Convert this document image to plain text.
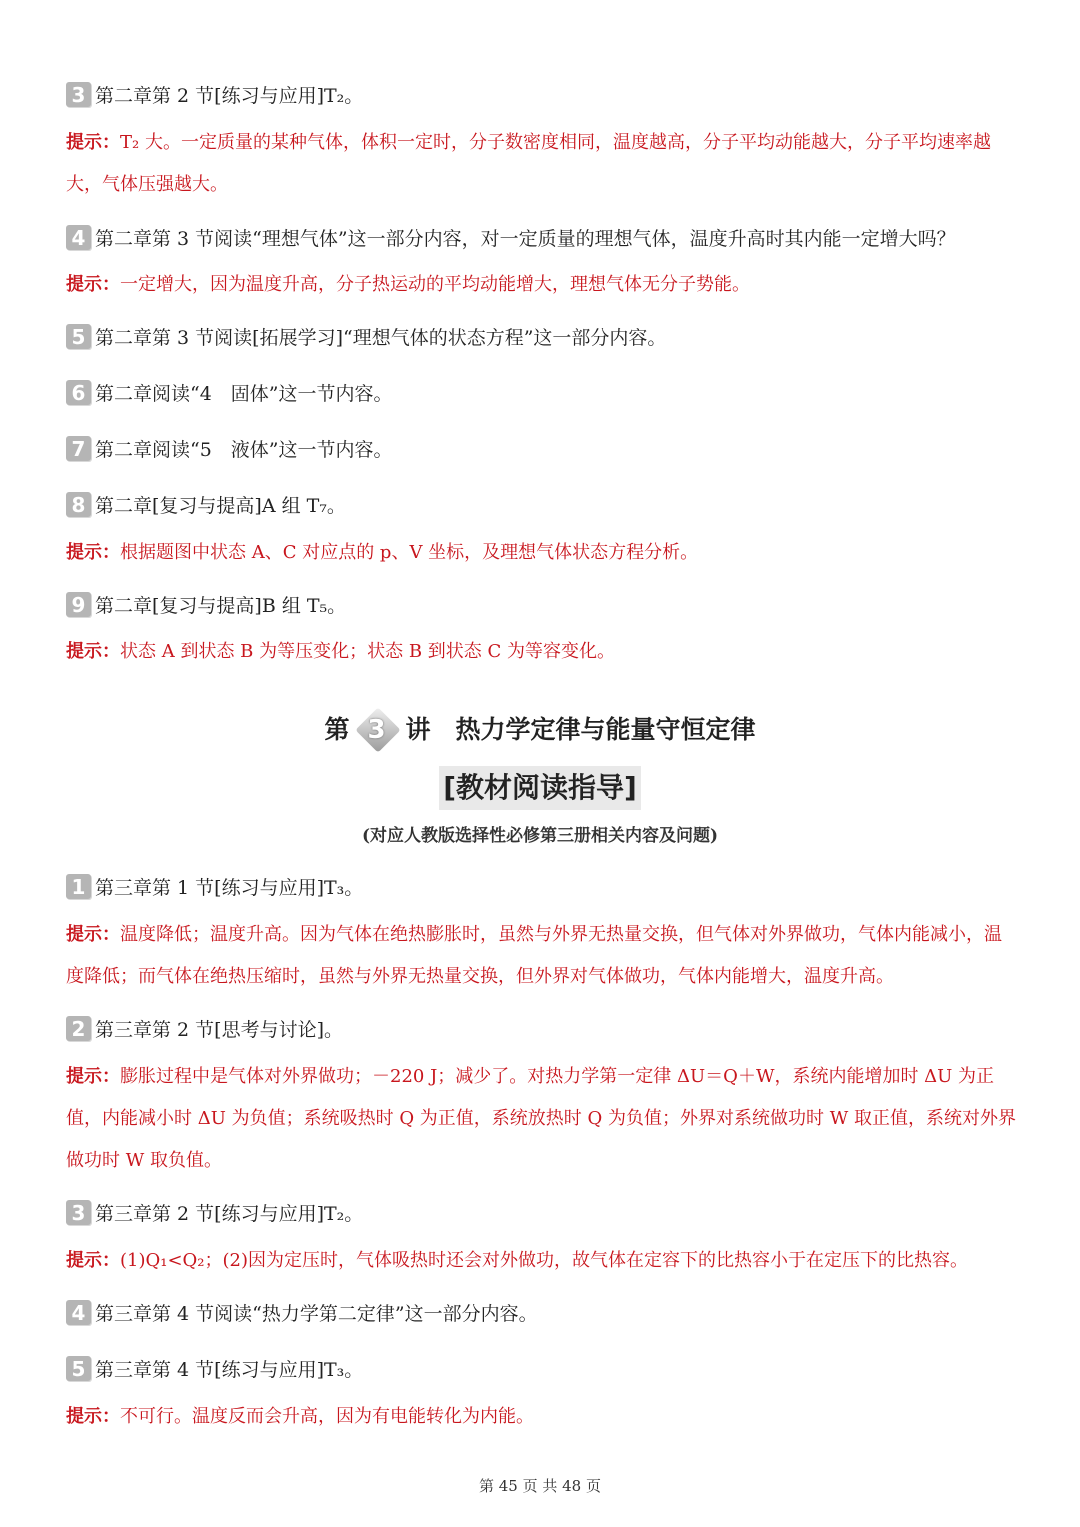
3 第二章第 2 节[练习与应用]T₂。
提示：T₂ 大。一定质量的某种气体，体积一定时，分子数密度相同，温度越高，分子平均动能越大，分子平均速率越大，气体压强越大。
4 第二章第 3 节阅读“理想气体”这一部分内容，对一定质量的理想气体，温度升高时其内能一定增大吗？
提示：一定增大，因为温度升高，分子热运动的平均动能增大，理想气体无分子势能。
5 第二章第 3 节阅读[拓展学习]“理想气体的状态方程”这一部分内容。
6 第二章阅读“4　固体”这一节内容。
7 第二章阅读“5　液体”这一节内容。
8 第二章[复习与提高]A 组 T₇。
提示：根据题图中状态 A、C 对应点的 p、V 坐标，及理想气体状态方程分析。
9 第二章[复习与提高]B 组 T₅。
提示：状态 A 到状态 B 为等压变化；状态 B 到状态 C 为等容变化。
第 3 讲　热力学定律与能量守恒定律
[教材阅读指导]
(对应人教版选择性必修第三册相关内容及问题)
1 第三章第 1 节[练习与应用]T₃。
提示：温度降低；温度升高。因为气体在绝热膨胀时，虽然与外界无热量交换，但气体对外界做功，气体内能减小，温度降低；而气体在绝热压缩时，虽然与外界无热量交换，但外界对气体做功，气体内能增大，温度升高。
2 第三章第 2 节[思考与讨论]。
提示：膨胀过程中是气体对外界做功；－220 J；减少了。对热力学第一定律 ΔU＝Q＋W，系统内能增加时 ΔU 为正值，内能减小时 ΔU 为负值；系统吸热时 Q 为正值，系统放热时 Q 为负值；外界对系统做功时 W 取正值，系统对外界做功时 W 取负值。
3 第三章第 2 节[练习与应用]T₂。
提示：(1)Q₁<Q₂；(2)因为定压时，气体吸热时还会对外做功，故气体在定容下的比热容小于在定压下的比热容。
4 第三章第 4 节阅读“热力学第二定律”这一部分内容。
5 第三章第 4 节[练习与应用]T₃。
提示：不可行。温度反而会升高，因为有电能转化为内能。
第 45 页 共 48 页
